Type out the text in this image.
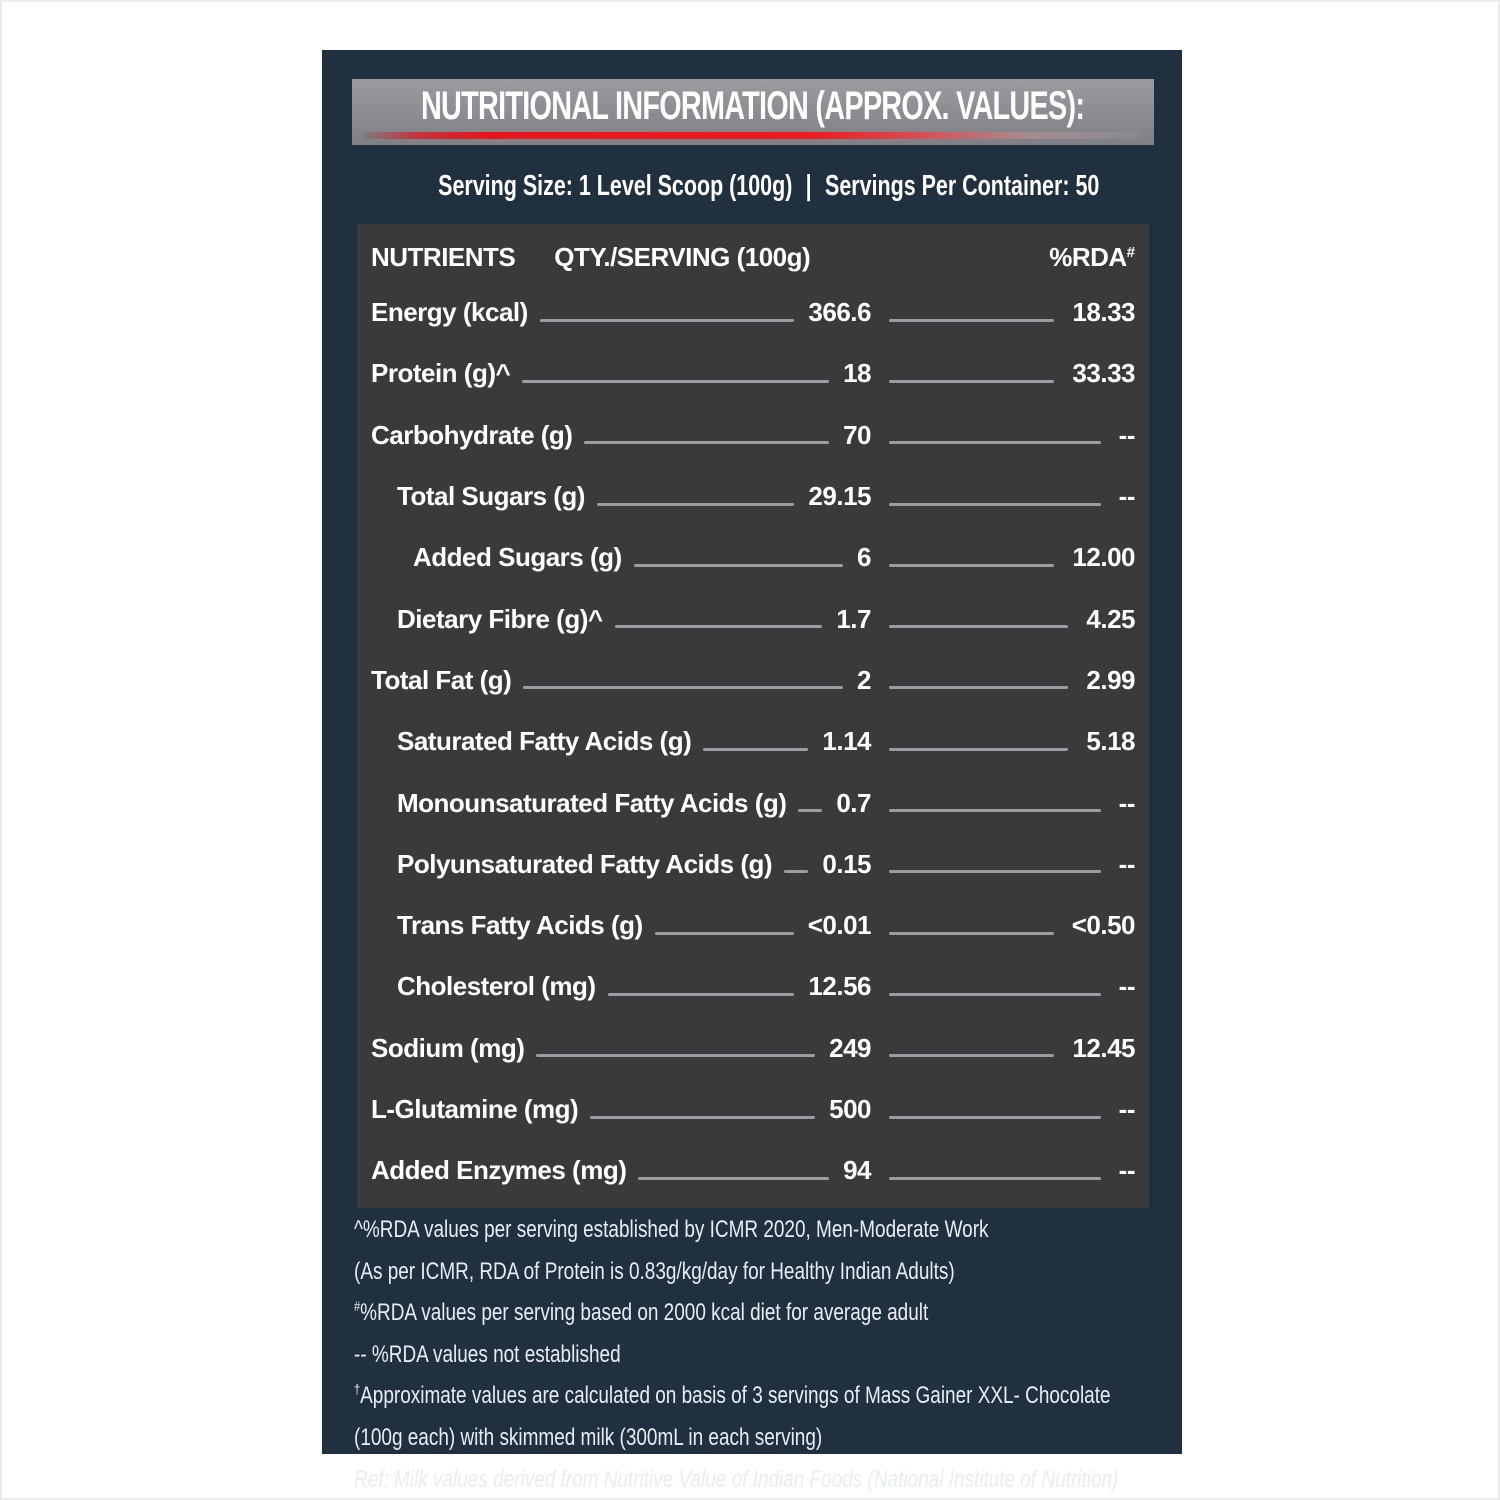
NUTRITIONAL INFORMATION (APPROX. VALUES):
Serving Size: 1 Level Scoop (100g) | Servings Per Container: 50
NUTRIENTS	QTY./SERVING (100g)	%RDA#
Energy (kcal)	366.6	18.33
Protein (g)^	18	33.33
Carbohydrate (g)	70	--
Total Sugars (g)	29.15	--
Added Sugars (g)	6	12.00
Dietary Fibre (g)^	1.7	4.25
Total Fat (g)	2	2.99
Saturated Fatty Acids (g)	1.14	5.18
Monounsaturated Fatty Acids (g) 0.7	--
Polyunsaturated Fatty Acids (g) 0.15	--
Trans Fatty Acids (g)	<0.01	<0.50
Cholesterol (mg)	12.56	--
Sodium (mg)	249	12.45
L-Glutamine (mg)	500	--
Added Enzymes (mg)	94	--

^%RDA values per serving established by ICMR 2020, Men-Moderate Work

(As per ICMR, RDA of Protein is 0.83g/kg/day for Healthy Indian Adults)

#%RDA values per serving based on 2000 kcal diet for average adult

-- %RDA values not established

†Approximate values are calculated on basis of 3 servings of Mass Gainer XXL- Chocolate

(100g each) with skimmed milk (300mL in each serving)

Ref: Milk values derived from Nutritive Value of Indian Foods (National Institute of Nutrition)
